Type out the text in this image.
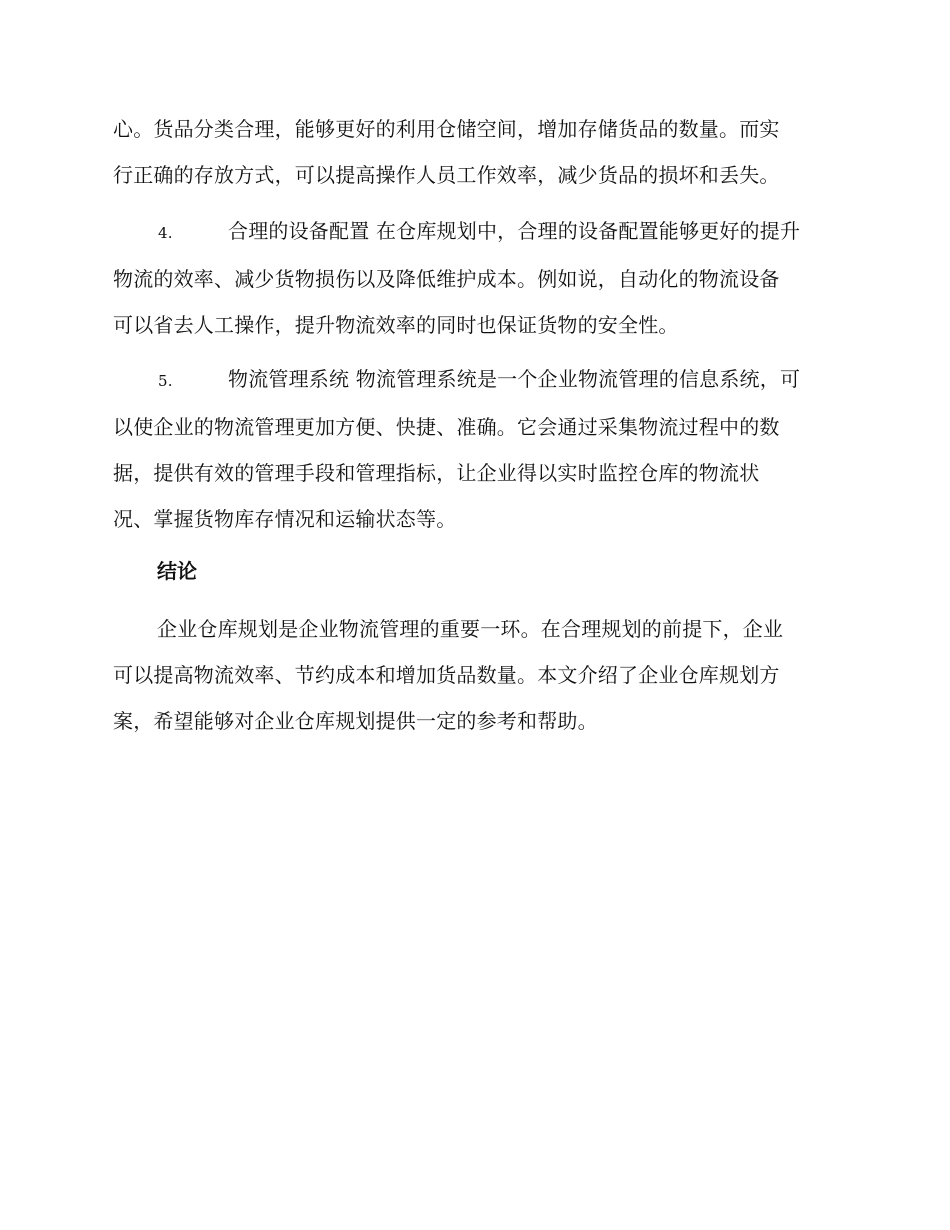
心。货品分类合理，能够更好的利用仓储空间，增加存储货品的数量。而实
行正确的存放方式，可以提高操作人员工作效率，减少货品的损坏和丢失。
4.	合理的设备配置 在仓库规划中，合理的设备配置能够更好的提升
物流的效率、减少货物损伤以及降低维护成本。例如说，自动化的物流设备
可以省去人工操作，提升物流效率的同时也保证货物的安全性。
5.	物流管理系统 物流管理系统是一个企业物流管理的信息系统，可
以使企业的物流管理更加方便、快捷、准确。它会通过采集物流过程中的数
据，提供有效的管理手段和管理指标，让企业得以实时监控仓库的物流状
况、掌握货物库存情况和运输状态等。
结论
企业仓库规划是企业物流管理的重要一环。在合理规划的前提下，企业
可以提高物流效率、节约成本和增加货品数量。本文介绍了企业仓库规划方
案，希望能够对企业仓库规划提供一定的参考和帮助。
